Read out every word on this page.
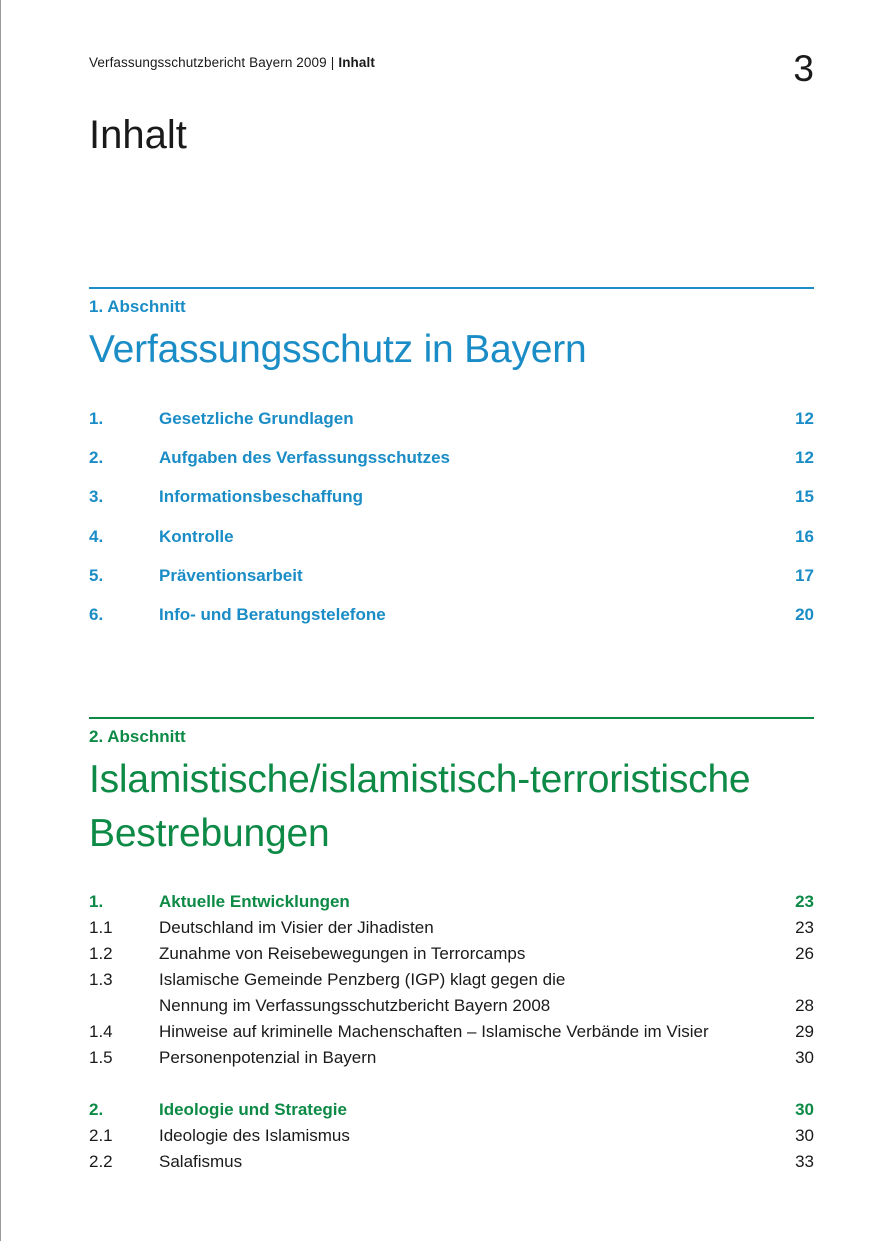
Verfassungsschutzbericht Bayern 2009 | Inhalt	3
Inhalt
1. Abschnitt
Verfassungsschutz in Bayern
1.	Gesetzliche Grundlagen	12
2.	Aufgaben des Verfassungsschutzes	12
3.	Informationsbeschaffung	15
4.	Kontrolle	16
5.	Präventionsarbeit	17
6.	Info- und Beratungstelefone	20
2. Abschnitt
Islamistische/islamistisch-terroristische
Bestrebungen
1.	Aktuelle Entwicklungen	23
1.1	Deutschland im Visier der Jihadisten	23
1.2	Zunahme von Reisebewegungen in Terrorcamps	26
1.3	Islamische Gemeinde Penzberg (IGP) klagt gegen die
Nennung im Verfassungsschutzbericht Bayern 2008	28
1.4	Hinweise auf kriminelle Machenschaften – Islamische Verbände im Visier	29
1.5	Personenpotenzial in Bayern	30
2.	Ideologie und Strategie	30
2.1	Ideologie des Islamismus	30
2.2	Salafismus	33
